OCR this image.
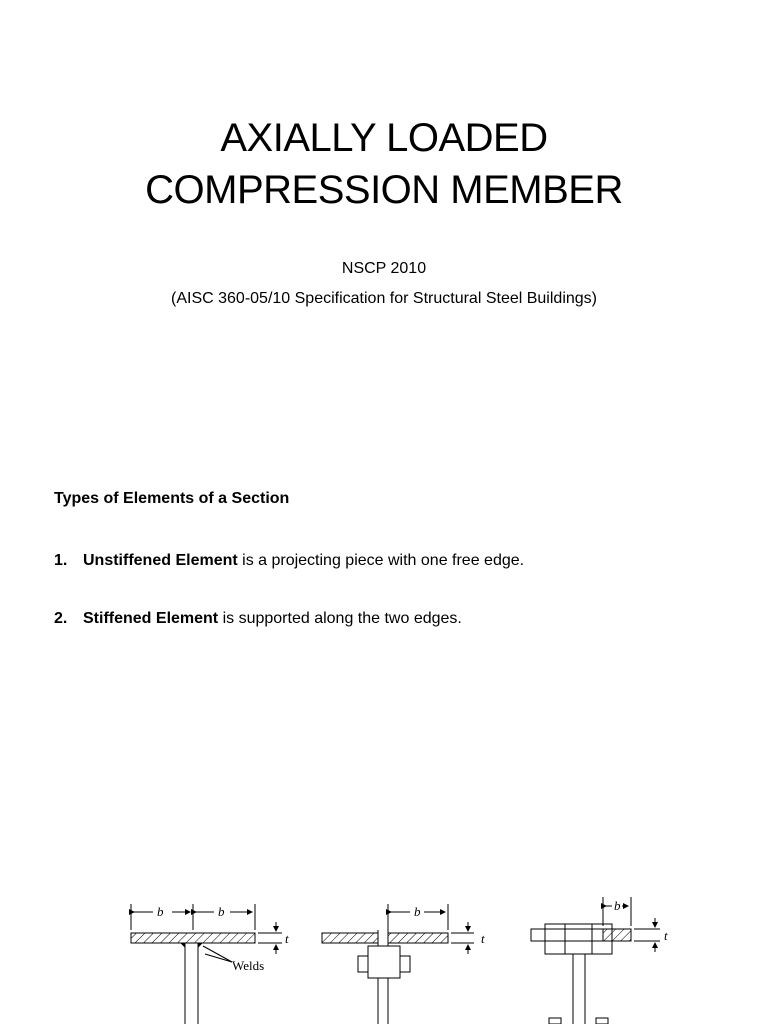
AXIALLY LOADED
COMPRESSION MEMBER
NSCP 2010
(AISC 360-05/10 Specification for Structural Steel Buildings)
Types of Elements of a Section
1. Unstiffened Element is a projecting piece with one free edge.
2. Stiffened Element is supported along the two edges.
b	b
t
Welds
b
t
b
t
